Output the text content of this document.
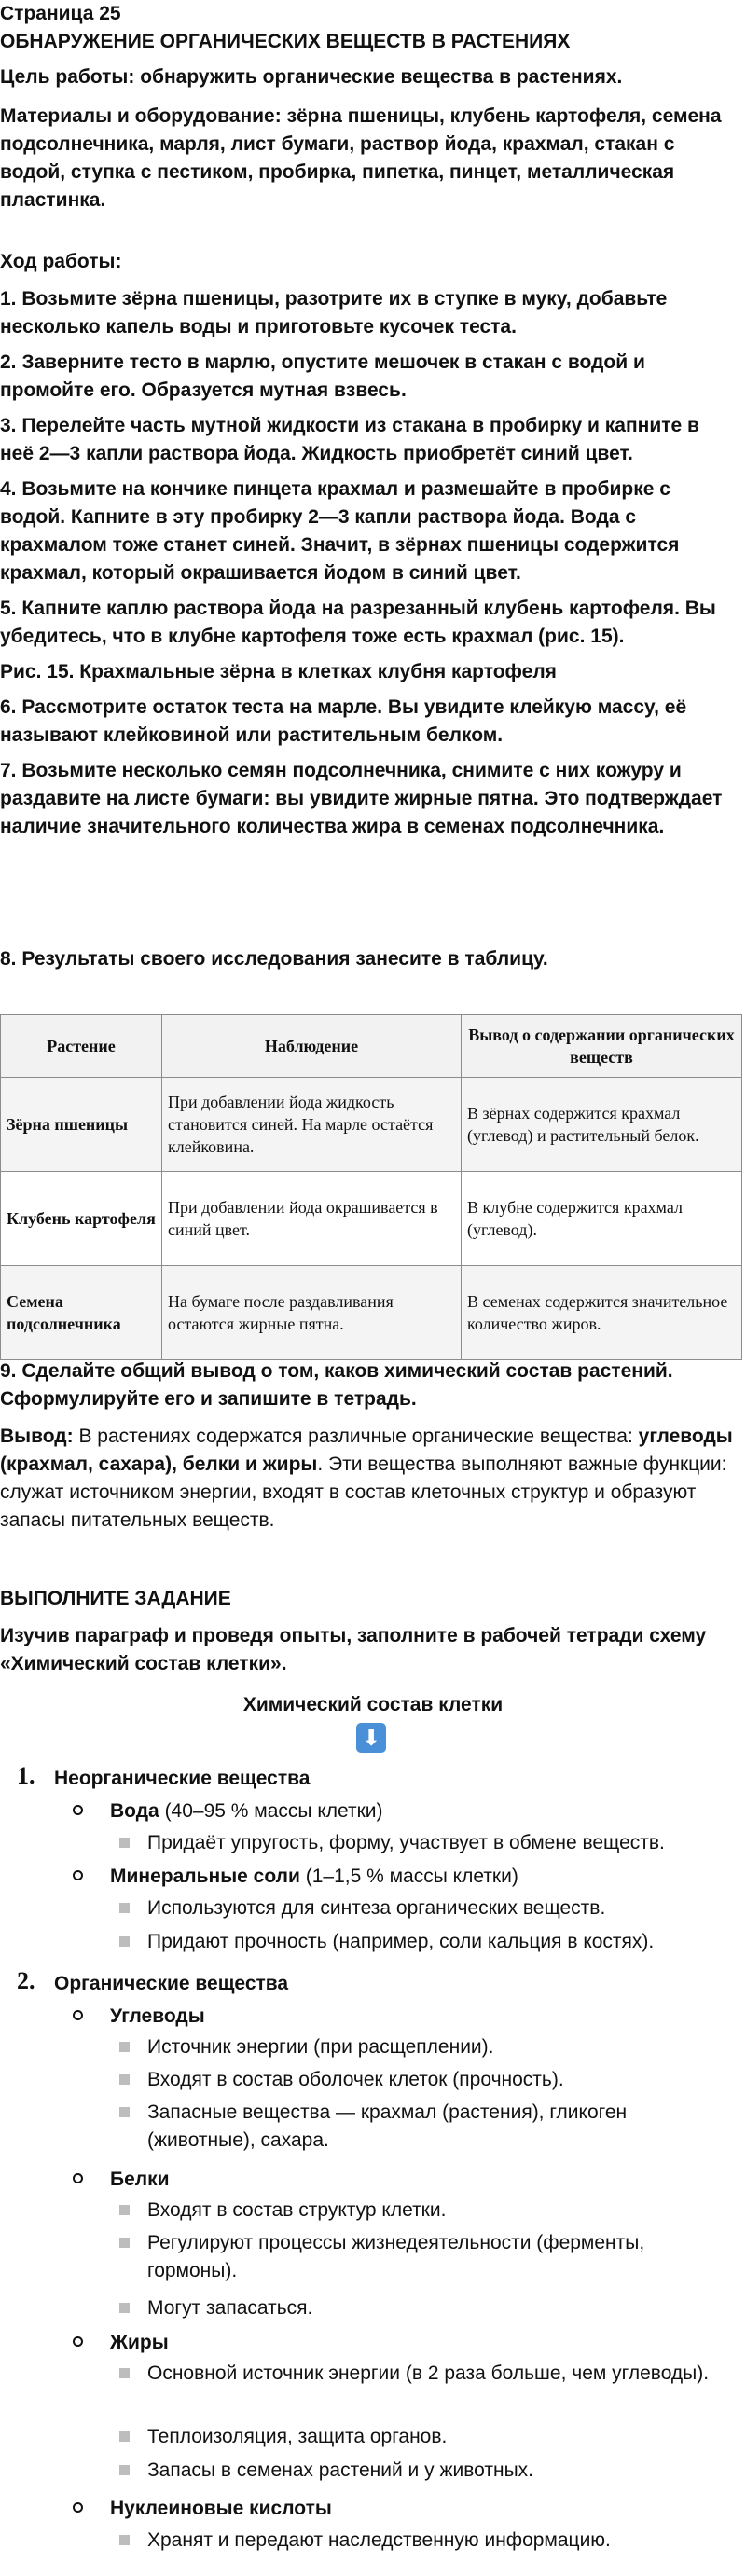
Страница 25
ОБНАРУЖЕНИЕ ОРГАНИЧЕСКИХ ВЕЩЕСТВ В РАСТЕНИЯХ
Цель работы: обнаружить органические вещества в растениях.
Материалы и оборудование: зёрна пшеницы, клубень картофеля, семена подсолнечника, марля, лист бумаги, раствор йода, крахмал, стакан с водой, ступка с пестиком, пробирка, пипетка, пинцет, металлическая пластинка.
Ход работы:

1. Возьмите зёрна пшеницы, разотрите их в ступке в муку, добавьте несколько капель воды и приготовьте кусочек теста.

2. Заверните тесто в марлю, опустите мешочек в стакан с водой и промойте его. Образуется мутная взвесь.

3. Перелейте часть мутной жидкости из стакана в пробирку и капните в неё 2—3 капли раствора йода. Жидкость приобретёт синий цвет.

4. Возьмите на кончике пинцета крахмал и размешайте в пробирке с водой. Капните в эту пробирку 2—3 капли раствора йода. Вода с крахмалом тоже станет синей. Значит, в зёрнах пшеницы содержится крахмал, который окрашивается йодом в синий цвет.

5. Капните каплю раствора йода на разрезанный клубень картофеля. Вы убедитесь, что в клубне картофеля тоже есть крахмал (рис. 15).

Рис. 15. Крахмальные зёрна в клетках клубня картофеля

6. Рассмотрите остаток теста на марле. Вы увидите клейкую массу, её называют клейковиной или растительным белком.

7. Возьмите несколько семян подсолнечника, снимите с них кожуру и раздавите на листе бумаги: вы увидите жирные пятна. Это подтверждает наличие значительного количества жира в семенах подсолнечника.

8. Результаты своего исследования занесите в таблицу.
Растение	Наблюдение	Вывод о содержании органических веществ
Зёрна пшеницы	При добавлении йода жидкость становится синей. На марле остаётся клейковина.	В зёрнах содержится крахмал (углевод) и растительный белок.
Клубень картофеля	При добавлении йода окрашивается в синий цвет.	В клубне содержится крахмал (углевод).
Семена подсолнечника	На бумаге после раздавливания остаются жирные пятна.	В семенах содержится значительное количество жиров.
9. Сделайте общий вывод о том, каков химический состав растений. Сформулируйте его и запишите в тетрадь.
Вывод: В растениях содержатся различные органические вещества: углеводы (крахмал, сахара), белки и жиры. Эти вещества выполняют важные функции: служат источником энергии, входят в состав клеточных структур и образуют запасы питательных веществ.
ВЫПОЛНИТЕ ЗАДАНИЕ
Изучив параграф и проведя опыты, заполните в рабочей тетради схему «Химический состав клетки».
Химический состав клетки
⬇
1. Неорганические вещества
Вода (40–95 % массы клетки)
Придаёт упругость, форму, участвует в обмене веществ.
Минеральные соли (1–1,5 % массы клетки)
Используются для синтеза органических веществ.
Придают прочность (например, соли кальция в костях).
2. Органические вещества
Углеводы
Источник энергии (при расщеплении).
Входят в состав оболочек клеток (прочность).
Запасные вещества — крахмал (растения), гликоген (животные), сахара.
Белки
Входят в состав структур клетки.
Регулируют процессы жизнедеятельности (ферменты, гормоны).
Могут запасаться.
Жиры
Основной источник энергии (в 2 раза больше, чем углеводы).
Теплоизоляция, защита органов.
Запасы в семенах растений и у животных.
Нуклеиновые кислоты
Хранят и передают наследственную информацию.
